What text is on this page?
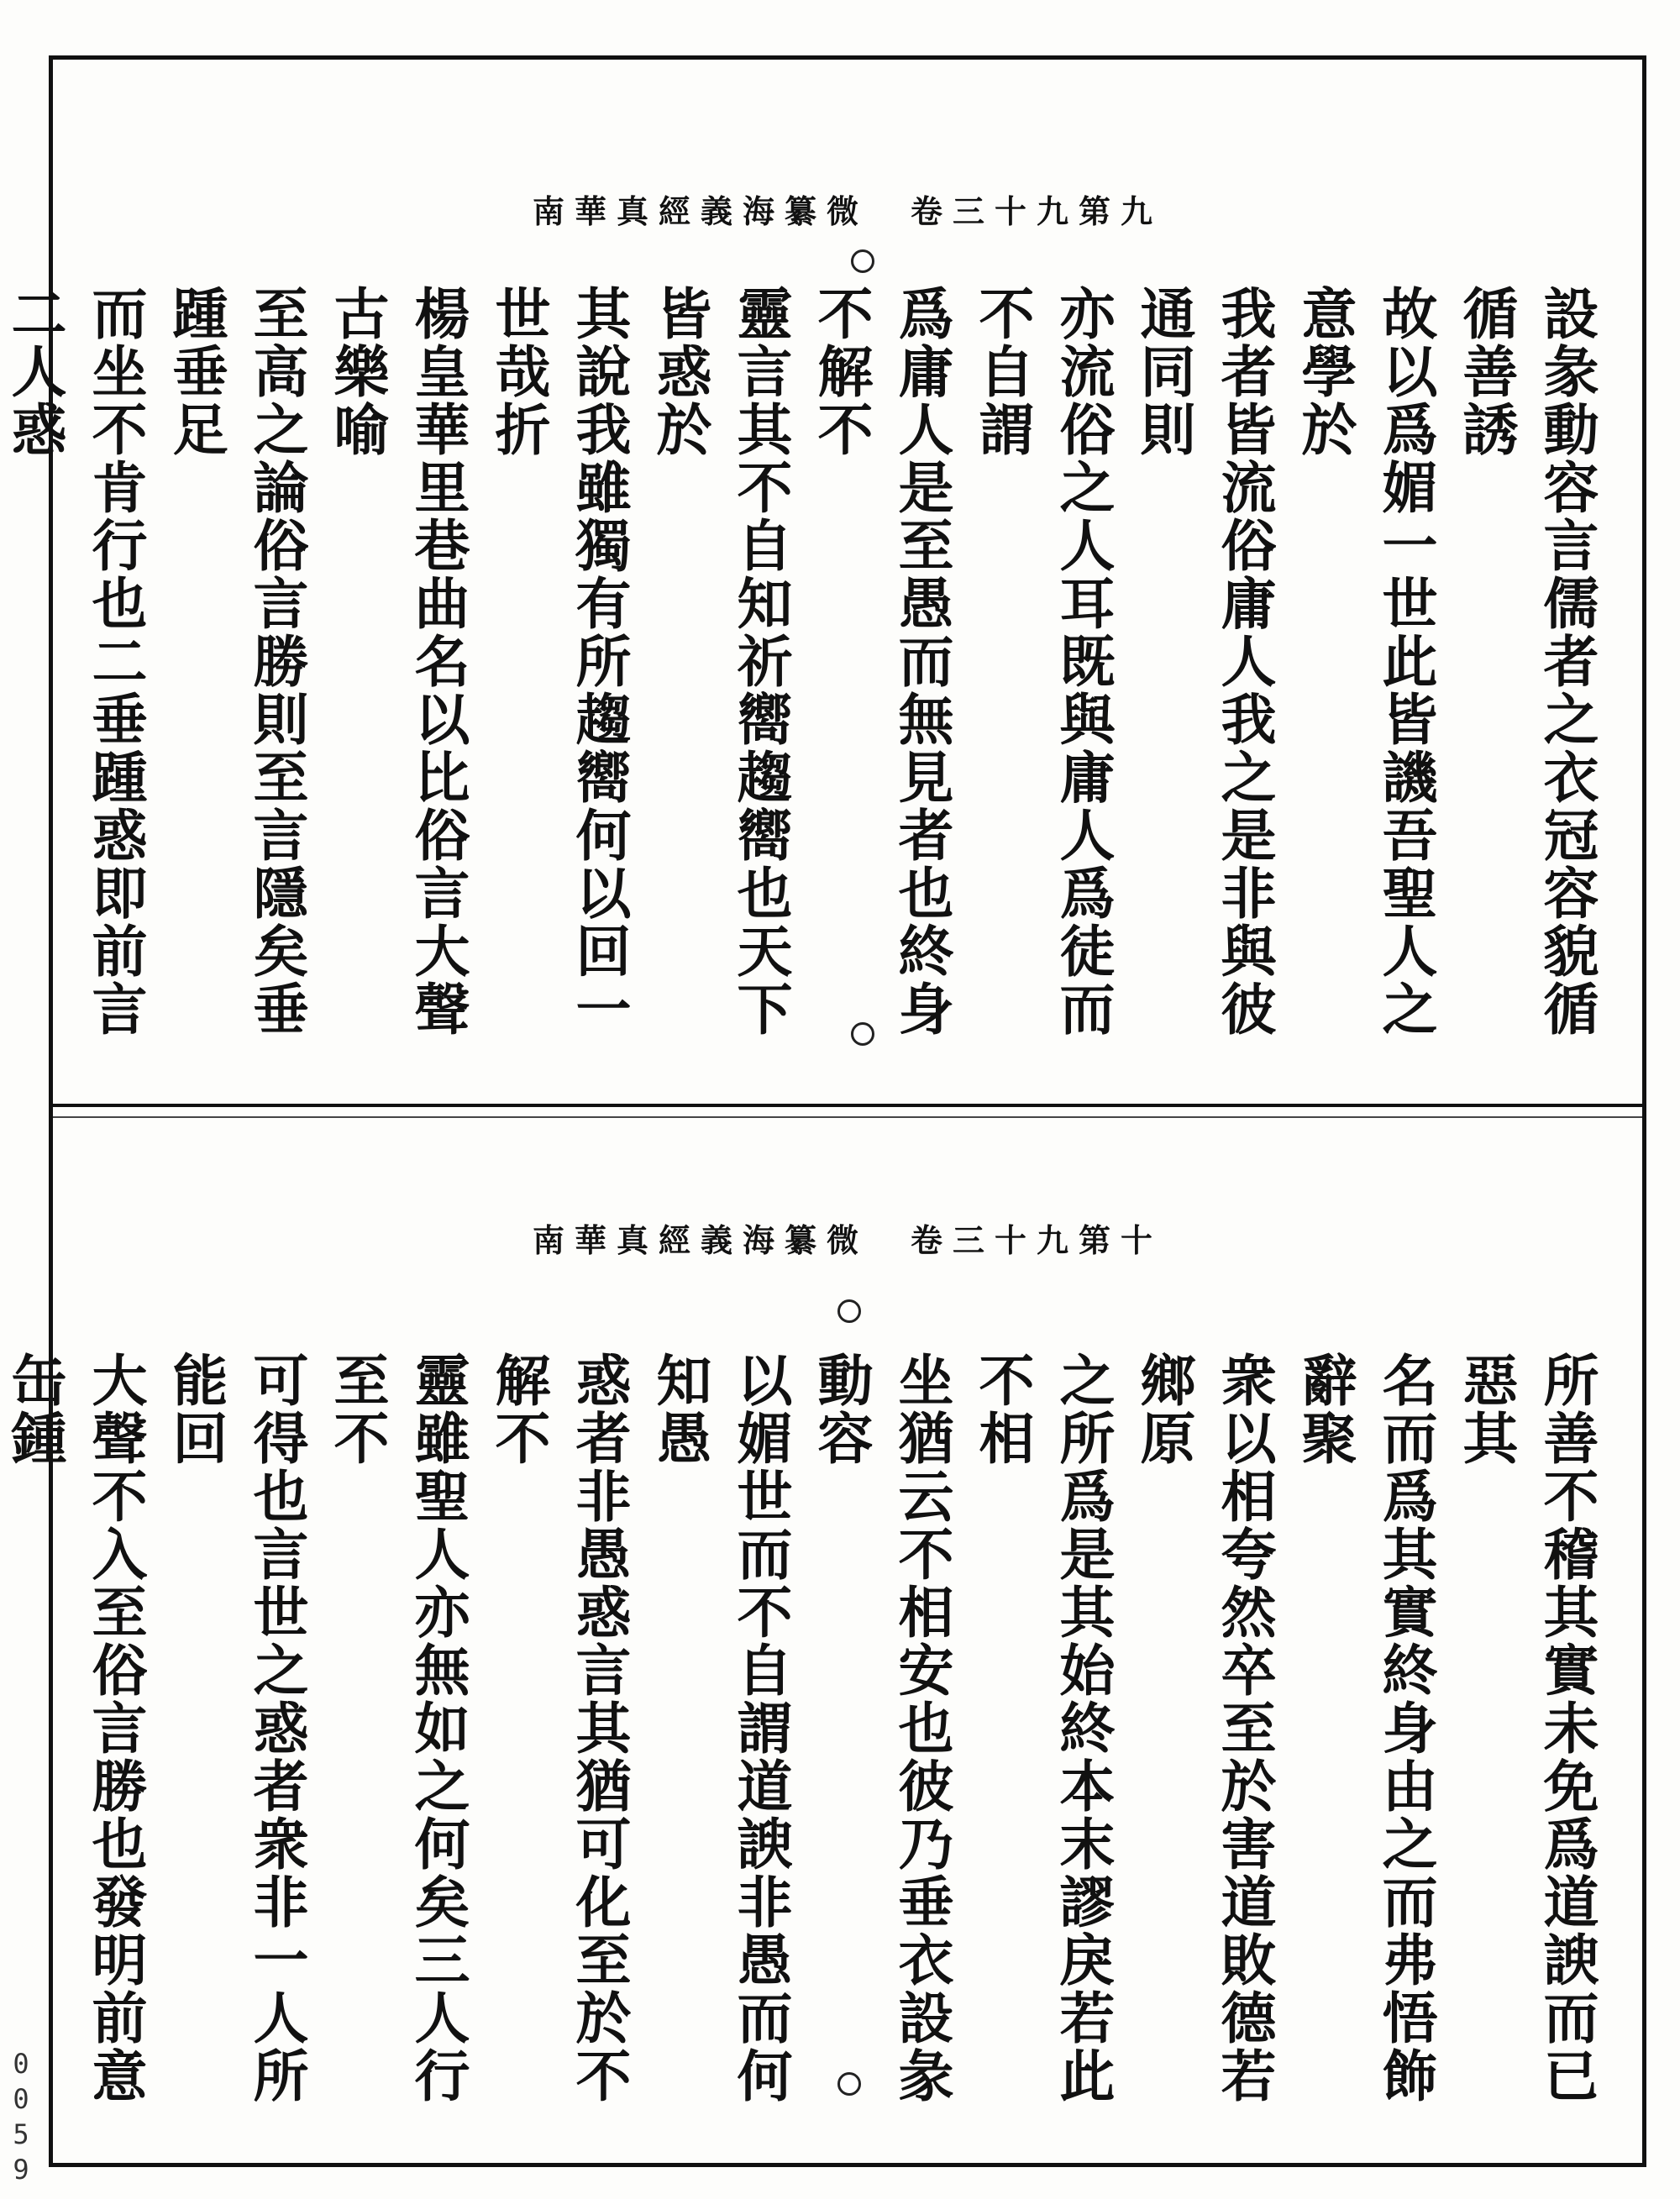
南華真經義海纂微 卷三十九第九
設彖動容言儒者之衣冠容貌循循善誘
故以爲媚一世此皆譏吾聖人之意學於
我者皆流俗庸人我之是非與彼通同則
亦流俗之人耳既與庸人爲徒而不自謂
爲庸人是至愚而無見者也終身不解不
靈言其不自知祈嚮趨嚮也天下皆惑於
其說我雖獨有所趨嚮何以回一世哉折
楊皇華里巷曲名以比俗言大聲古樂喻
至高之論俗言勝則至言隱矣垂踵垂足
而坐不肯行也二垂踵惑即前言二人惑
南華真經義海纂微 卷三十九第十
所善不稽其實未免爲道諛而已惡其
名而爲其實終身由之而弗悟飾辭聚
衆以相夸然卒至於害道敗德若鄉原
之所爲是其始終本末謬戾若此不相
坐猶云不相安也彼乃垂衣設彖動容
以媚世而不自謂道諛非愚而何知愚
惑者非愚惑言其猶可化至於不解不
靈雖聖人亦無如之何矣三人行至不
可得也言世之惑者衆非一人所能回
大聲不入至俗言勝也發明前意缶鍾
0059
